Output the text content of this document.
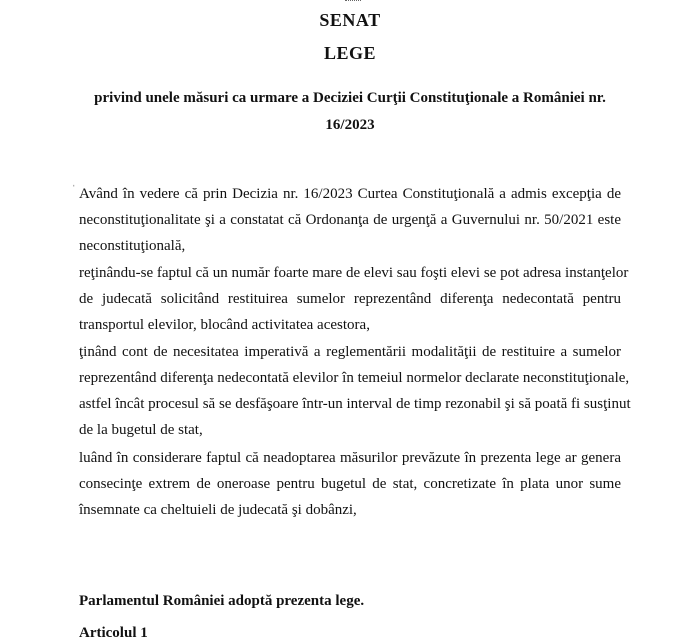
SENAT
LEGE
privind unele măsuri ca urmare a Deciziei Curţii Constituţionale a României nr.
16/2023
ˈ Având în vedere că prin Decizia nr. 16/2023 Curtea Constituţională a admis excepţia de
neconstituţionalitate şi a constatat că Ordonanţa de urgenţă a Guvernului nr. 50/2021 este
neconstituţională,

reţinându-se faptul că un număr foarte mare de elevi sau foşti elevi se pot adresa instanţelor
de judecată solicitând restituirea sumelor reprezentând diferenţa nedecontată pentru
transportul elevilor, blocând activitatea acestora,

ţinând cont de necesitatea imperativă a reglementării modalităţii de restituire a sumelor
reprezentând diferenţa nedecontată elevilor în temeiul normelor declarate neconstituţionale,
astfel încât procesul să se desfăşoare într-un interval de timp rezonabil şi să poată fi susţinut
de la bugetul de stat,

luând în considerare faptul că neadoptarea măsurilor prevăzute în prezenta lege ar genera
consecinţe extrem de oneroase pentru bugetul de stat, concretizate în plata unor sume
însemnate ca cheltuieli de judecată şi dobânzi,

Parlamentul României adoptă prezenta lege.
Articolul 1
